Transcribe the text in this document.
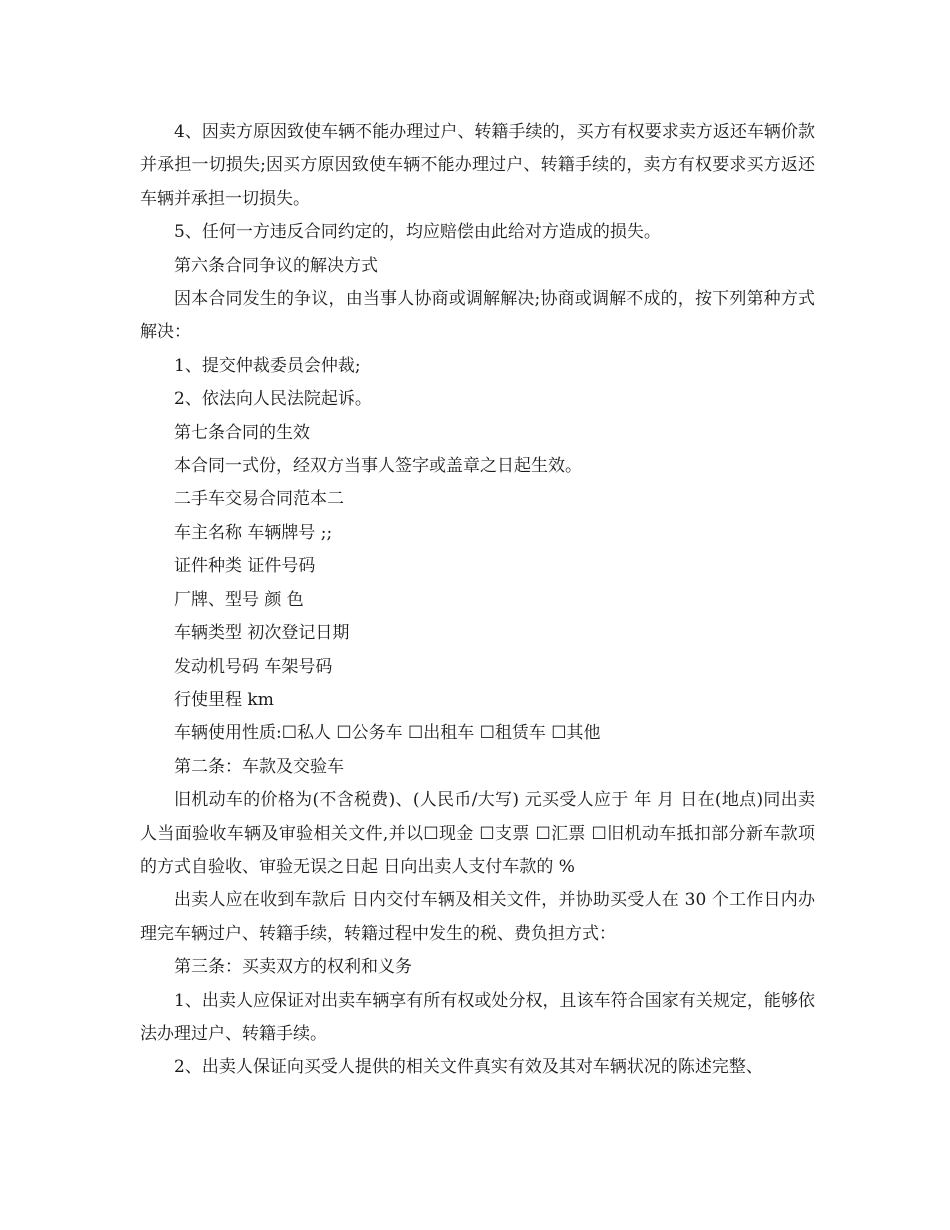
4、因卖方原因致使车辆不能办理过户、转籍手续的，买方有权要求卖方返还车辆价款并承担一切损失;因买方原因致使车辆不能办理过户、转籍手续的，卖方有权要求买方返还车辆并承担一切损失。

5、任何一方违反合同约定的，均应赔偿由此给对方造成的损失。

第六条合同争议的解决方式

因本合同发生的争议，由当事人协商或调解解决;协商或调解不成的，按下列第种方式解决：

1、提交仲裁委员会仲裁;

2、依法向人民法院起诉。

第七条合同的生效

本合同一式份，经双方当事人签字或盖章之日起生效。

二手车交易合同范本二

车主名称 车辆牌号 ;;

证件种类 证件号码

厂牌、型号 颜 色

车辆类型 初次登记日期

发动机号码 车架号码

行使里程 km

车辆使用性质:☐私人 ☐公务车 ☐出租车 ☐租赁车 ☐其他

第二条：车款及交验车

旧机动车的价格为(不含税费)、(人民币/大写) 元买受人应于 年 月 日在(地点)同出卖人当面验收车辆及审验相关文件,并以☐现金 ☐支票 ☐汇票 ☐旧机动车抵扣部分新车款项的方式自验收、审验无误之日起 日向出卖人支付车款的 %

出卖人应在收到车款后 日内交付车辆及相关文件，并协助买受人在 30 个工作日内办理完车辆过户、转籍手续，转籍过程中发生的税、费负担方式：

第三条：买卖双方的权利和义务

1、出卖人应保证对出卖车辆享有所有权或处分权，且该车符合国家有关规定，能够依法办理过户、转籍手续。

2、出卖人保证向买受人提供的相关文件真实有效及其对车辆状况的陈述完整、
